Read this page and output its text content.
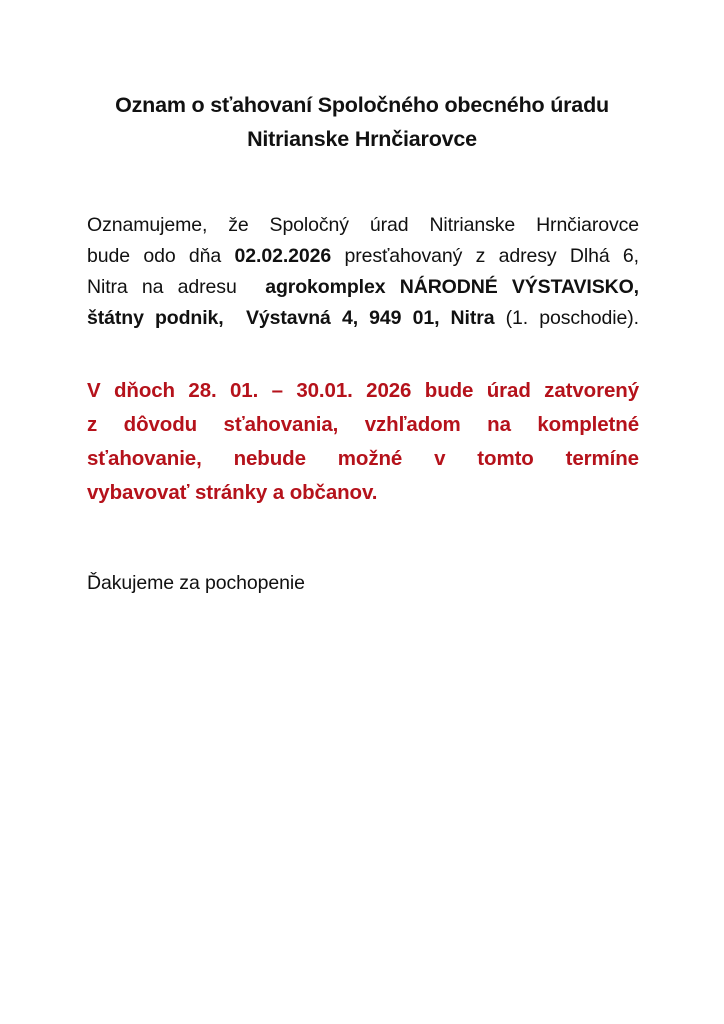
Oznam o sťahovaní Spoločného obecného úradu
Nitrianske Hrnčiarovce
Oznamujeme, že Spoločný úrad Nitrianske Hrnčiarovce
bude odo dňa 02.02.2026 presťahovaný z adresy Dlhá 6,
Nitra na adresu  agrokomplex NÁRODNÉ VÝSTAVISKO,
štátny podnik,  Výstavná 4, 949 01, Nitra (1. poschodie).
V dňoch 28. 01. – 30.01. 2026 bude úrad zatvorený
z dôvodu sťahovania, vzhľadom na kompletné
sťahovanie, nebude možné v tomto termíne
vybavovať stránky a občanov.
Ďakujeme za pochopenie
